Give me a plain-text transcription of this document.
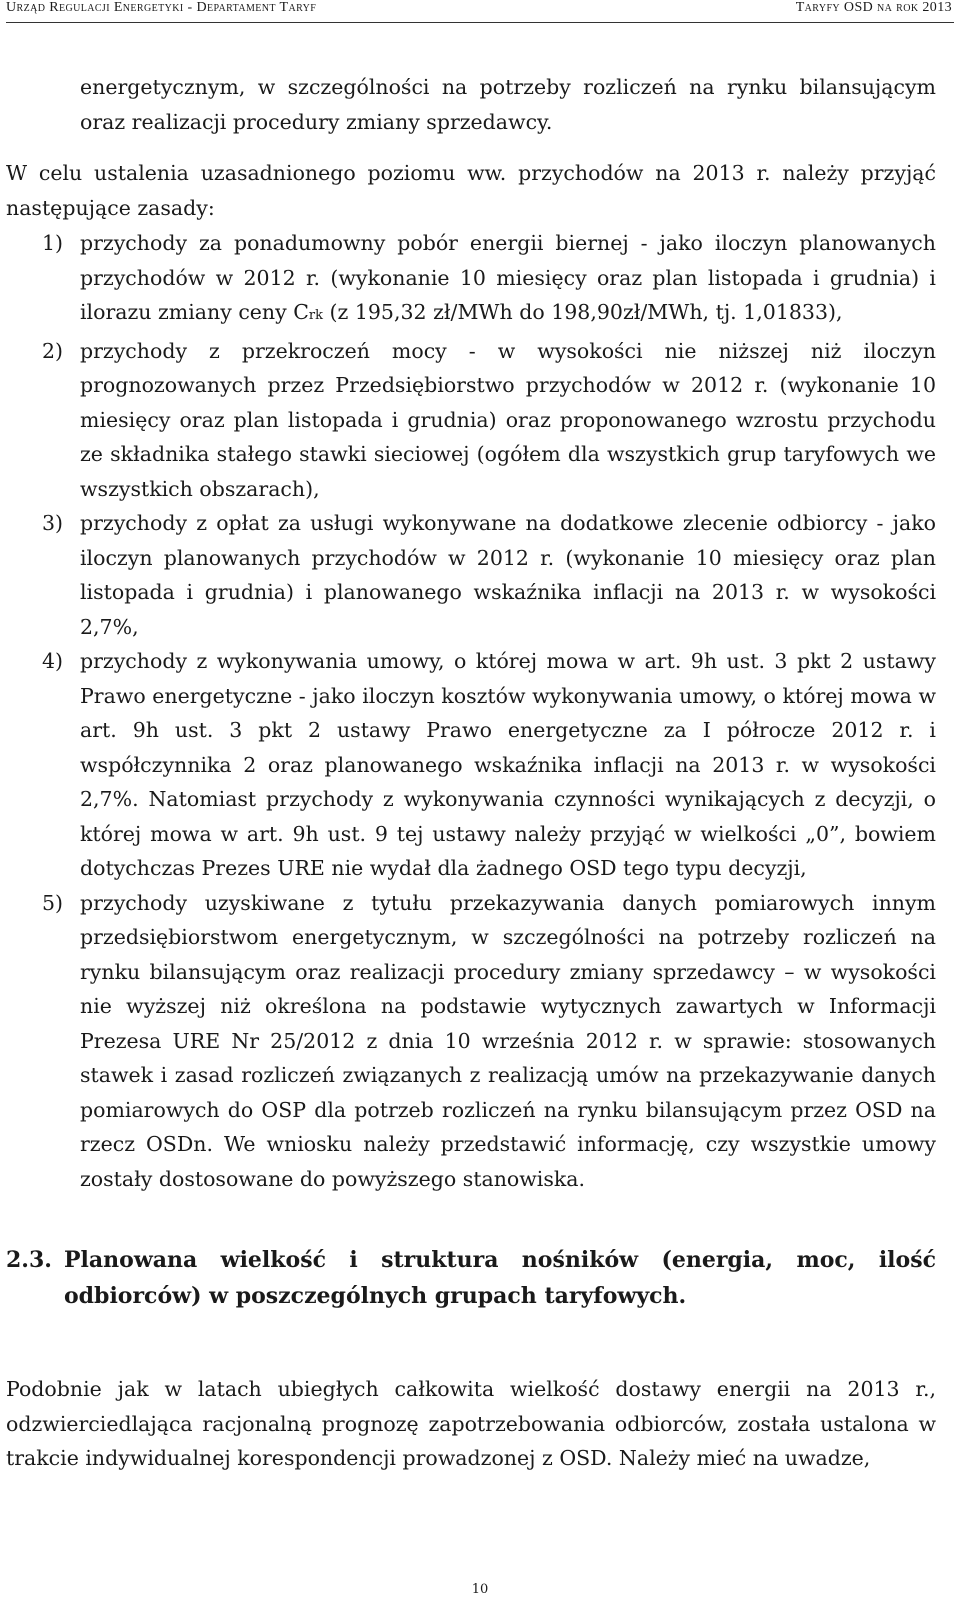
Urząd Regulacji Energetyki - Departament Taryf	Taryfy OSD na rok 2013
energetycznym, w szczególności na potrzeby rozliczeń na rynku bilansującym oraz realizacji procedury zmiany sprzedawcy.
W celu ustalenia uzasadnionego poziomu ww. przychodów na 2013 r. należy przyjąć następujące zasady:
1) przychody za ponadumowny pobór energii biernej - jako iloczyn planowanych przychodów w 2012 r. (wykonanie 10 miesięcy oraz plan listopada i grudnia) i ilorazu zmiany ceny Crk (z 195,32 zł/MWh do 198,90zł/MWh, tj. 1,01833),
2) przychody z przekroczeń mocy - w wysokości nie niższej niż iloczyn prognozowanych przez Przedsiębiorstwo przychodów w 2012 r. (wykonanie 10 miesięcy oraz plan listopada i grudnia) oraz proponowanego wzrostu przychodu ze składnika stałego stawki sieciowej (ogółem dla wszystkich grup taryfowych we wszystkich obszarach),
3) przychody z opłat za usługi wykonywane na dodatkowe zlecenie odbiorcy - jako iloczyn planowanych przychodów w 2012 r. (wykonanie 10 miesięcy oraz plan listopada i grudnia) i planowanego wskaźnika inflacji na 2013 r. w wysokości 2,7%,
4) przychody z wykonywania umowy, o której mowa w art. 9h ust. 3 pkt 2 ustawy Prawo energetyczne - jako iloczyn kosztów wykonywania umowy, o której mowa w art. 9h ust. 3 pkt 2 ustawy Prawo energetyczne za I półrocze 2012 r. i współczynnika 2 oraz planowanego wskaźnika inflacji na 2013 r. w wysokości 2,7%. Natomiast przychody z wykonywania czynności wynikających z decyzji, o której mowa w art. 9h ust. 9 tej ustawy należy przyjąć w wielkości „0”, bowiem dotychczas Prezes URE nie wydał dla żadnego OSD tego typu decyzji,
5) przychody uzyskiwane z tytułu przekazywania danych pomiarowych innym przedsiębiorstwom energetycznym, w szczególności na potrzeby rozliczeń na rynku bilansującym oraz realizacji procedury zmiany sprzedawcy – w wysokości nie wyższej niż określona na podstawie wytycznych zawartych w Informacji Prezesa URE Nr 25/2012 z dnia 10 września 2012 r. w sprawie: stosowanych stawek i zasad rozliczeń związanych z realizacją umów na przekazywanie danych pomiarowych do OSP dla potrzeb rozliczeń na rynku bilansującym przez OSD na rzecz OSDn. We wniosku należy przedstawić informację, czy wszystkie umowy zostały dostosowane do powyższego stanowiska.
2.3. Planowana wielkość i struktura nośników (energia, moc, ilość odbiorców) w poszczególnych grupach taryfowych.
Podobnie jak w latach ubiegłych całkowita wielkość dostawy energii na 2013 r., odzwierciedlająca racjonalną prognozę zapotrzebowania odbiorców, została ustalona w trakcie indywidualnej korespondencji prowadzonej z OSD. Należy mieć na uwadze,
10
